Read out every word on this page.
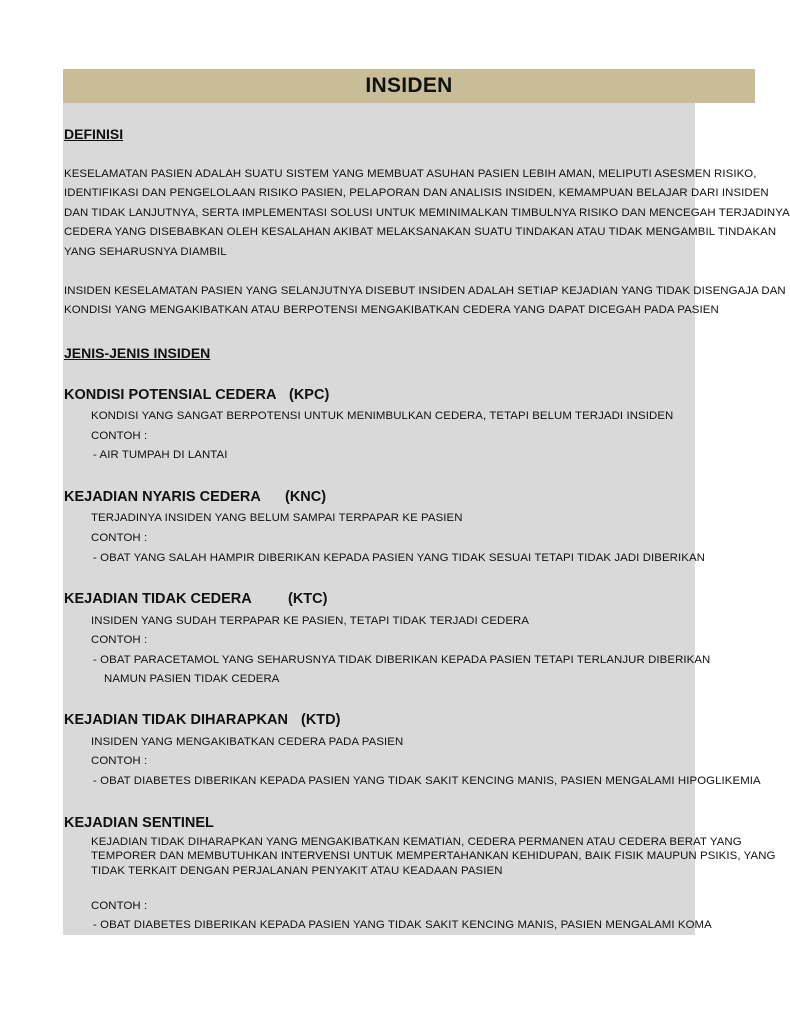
INSIDEN
DEFINISI
KESELAMATAN PASIEN ADALAH SUATU SISTEM YANG MEMBUAT ASUHAN PASIEN LEBIH AMAN, MELIPUTI ASESMEN RISIKO,
IDENTIFIKASI DAN PENGELOLAAN RISIKO PASIEN, PELAPORAN DAN ANALISIS INSIDEN, KEMAMPUAN BELAJAR DARI INSIDEN
DAN TIDAK LANJUTNYA, SERTA IMPLEMENTASI SOLUSI UNTUK MEMINIMALKAN TIMBULNYA RISIKO DAN MENCEGAH TERJADINYA
CEDERA YANG DISEBABKAN OLEH KESALAHAN AKIBAT MELAKSANAKAN SUATU TINDAKAN ATAU TIDAK MENGAMBIL TINDAKAN
YANG SEHARUSNYA DIAMBIL
INSIDEN KESELAMATAN PASIEN YANG SELANJUTNYA DISEBUT INSIDEN ADALAH SETIAP KEJADIAN YANG TIDAK DISENGAJA DAN
KONDISI YANG MENGAKIBATKAN ATAU BERPOTENSI MENGAKIBATKAN CEDERA YANG DAPAT DICEGAH PADA PASIEN
JENIS-JENIS INSIDEN
KONDISI POTENSIAL CEDERA (KPC)
KONDISI YANG SANGAT BERPOTENSI UNTUK MENIMBULKAN CEDERA, TETAPI BELUM TERJADI INSIDEN
CONTOH :
- AIR TUMPAH DI LANTAI
KEJADIAN NYARIS CEDERA (KNC)
TERJADINYA INSIDEN YANG BELUM SAMPAI TERPAPAR KE PASIEN
CONTOH :
- OBAT YANG SALAH HAMPIR DIBERIKAN KEPADA PASIEN YANG TIDAK SESUAI TETAPI TIDAK JADI DIBERIKAN
KEJADIAN TIDAK CEDERA	(KTC)
INSIDEN YANG SUDAH TERPAPAR KE PASIEN, TETAPI TIDAK TERJADI CEDERA
CONTOH :
- OBAT PARACETAMOL YANG SEHARUSNYA TIDAK DIBERIKAN KEPADA PASIEN TETAPI TERLANJUR DIBERIKAN
NAMUN PASIEN TIDAK CEDERA
KEJADIAN TIDAK DIHARAPKAN (KTD)
INSIDEN YANG MENGAKIBATKAN CEDERA PADA PASIEN
CONTOH :
- OBAT DIABETES DIBERIKAN KEPADA PASIEN YANG TIDAK SAKIT KENCING MANIS, PASIEN MENGALAMI HIPOGLIKEMIA
KEJADIAN SENTINEL
KEJADIAN TIDAK DIHARAPKAN YANG MENGAKIBATKAN KEMATIAN, CEDERA PERMANEN ATAU CEDERA BERAT YANG
TEMPORER DAN MEMBUTUHKAN INTERVENSI UNTUK MEMPERTAHANKAN KEHIDUPAN, BAIK FISIK MAUPUN PSIKIS, YANG
TIDAK TERKAIT DENGAN PERJALANAN PENYAKIT ATAU KEADAAN PASIEN
CONTOH :
- OBAT DIABETES DIBERIKAN KEPADA PASIEN YANG TIDAK SAKIT KENCING MANIS, PASIEN MENGALAMI KOMA
